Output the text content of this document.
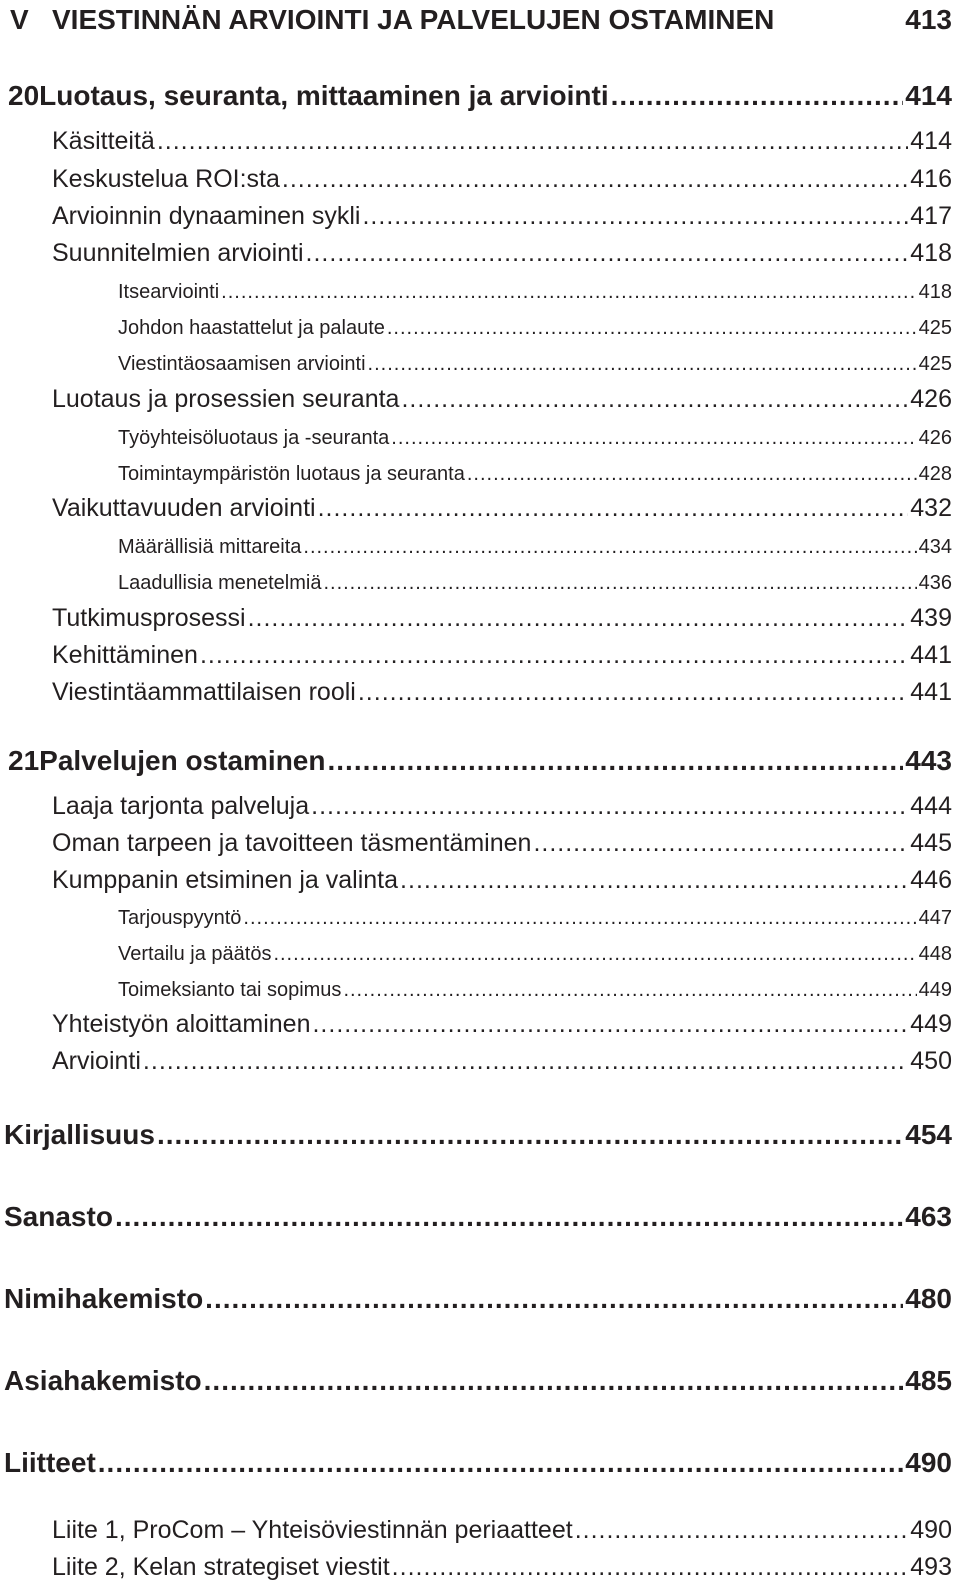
V VIESTINNÄN ARVIOINTI JA PALVELUJEN OSTAMINEN	413
20 Luotaus, seuranta, mittaaminen ja arviointi .....	414
Käsitteitä .....	414
Keskustelua ROI:sta .....	416
Arvioinnin dynaaminen sykli .....	417
Suunnitelmien arviointi .....	418
Itsearviointi .....	418
Johdon haastattelut ja palaute .....	425
Viestintäosaamisen arviointi .....	425
Luotaus ja prosessien seuranta .....	426
Työyhteisöluotaus ja -seuranta .....	426
Toimintaympäristön luotaus ja seuranta .....	428
Vaikuttavuuden arviointi .....	432
Määrällisiä mittareita .....	434
Laadullisia menetelmiä .....	436
Tutkimusprosessi .....	439
Kehittäminen .....	441
Viestintäammattilaisen rooli .....	441
21 Palvelujen ostaminen .....	443
Laaja tarjonta palveluja .....	444
Oman tarpeen ja tavoitteen täsmentäminen .....	445
Kumppanin etsiminen ja valinta .....	446
Tarjouspyyntö .....	447
Vertailu ja päätös .....	448
Toimeksianto tai sopimus .....	449
Yhteistyön aloittaminen .....	449
Arviointi .....	450
Kirjallisuus .....	454
Sanasto .....	463
Nimihakemisto .....	480
Asiahakemisto .....	485
Liitteet .....	490
Liite 1, ProCom – Yhteisöviestinnän periaatteet .....	490
Liite 2, Kelan strategiset viestit .....	493
